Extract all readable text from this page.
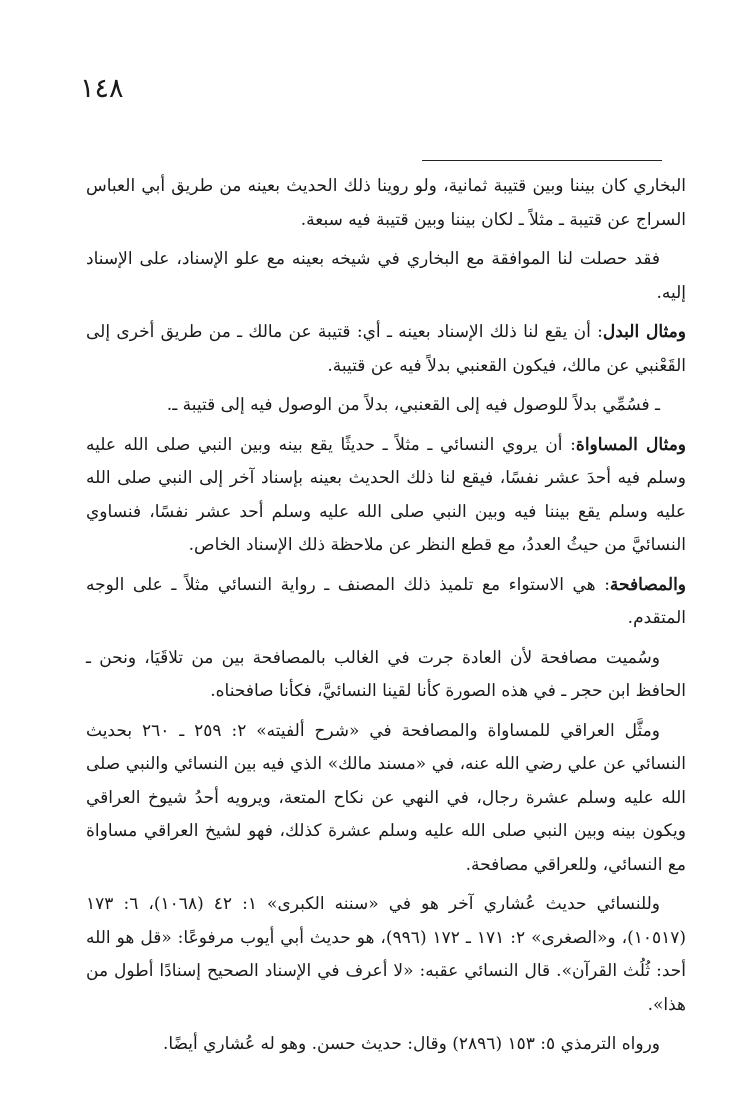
١٤٨

البخاري كان بيننا وبين قتيبة ثمانية، ولو روينا ذلك الحديث بعينه من طريق أبي العباس السراج عن قتيبة ـ مثلاً ـ لكان بيننا وبين قتيبة فيه سبعة.

فقد حصلت لنا الموافقة مع البخاري في شيخه بعينه مع علو الإسناد، على الإسناد إليه.

ومثال البدل: أن يقع لنا ذلك الإسناد بعينه ـ أي: قتيبة عن مالك ـ من طريق أخرى إلى القَعْنبي عن مالك، فيكون القعنبي بدلاً فيه عن قتيبة.

ـ فسُمِّي بدلاً للوصول فيه إلى القعنبي، بدلاً من الوصول فيه إلى قتيبة ـ.

ومثال المساواة: أن يروي النسائي ـ مثلاً ـ حديثًا يقع بينه وبين النبي صلى الله عليه وسلم فيه أحدَ عشر نفسًا، فيقع لنا ذلك الحديث بعينه بإسناد آخر إلى النبي صلى الله عليه وسلم يقع بيننا فيه وبين النبي صلى الله عليه وسلم أحد عشر نفسًا، فنساوي النسائيَّ من حيثُ العددُ، مع قطع النظر عن ملاحظة ذلك الإسناد الخاص.

والمصافحة: هي الاستواء مع تلميذ ذلك المصنف ـ رواية النسائي مثلاً ـ على الوجه المتقدم.

وسُميت مصافحة لأن العادة جرت في الغالب بالمصافحة بين من تلاقَيَا، ونحن ـ الحافظ ابن حجر ـ في هذه الصورة كأنا لقينا النسائيَّ، فكأنا صافحناه.

ومثَّل العراقي للمساواة والمصافحة في «شرح ألفيته» ٢: ٢٥٩ ـ ٢٦٠ بحديث النسائي عن علي رضي الله عنه، في «مسند مالك» الذي فيه بين النسائي والنبي صلى الله عليه وسلم عشرة رجال، في النهي عن نكاح المتعة، ويرويه أحدُ شيوخ العراقي ويكون بينه وبين النبي صلى الله عليه وسلم عشرة كذلك، فهو لشيخ العراقي مساواة مع النسائي، وللعراقي مصافحة.

وللنسائي حديث عُشاري آخر هو في «سننه الكبرى» ١: ٤٢ (١٠٦٨)، ٦: ١٧٣ (١٠٥١٧)، و«الصغرى» ٢: ١٧١ ـ ١٧٢ (٩٩٦)، هو حديث أبي أيوب مرفوعًا: «قل هو الله أحد: ثُلُث القرآن». قال النسائي عقبه: «لا أعرف في الإسناد الصحيح إسنادًا أطول من هذا».

ورواه الترمذي ٥: ١٥٣ (٢٨٩٦) وقال: حديث حسن. وهو له عُشاري أيضًا.
